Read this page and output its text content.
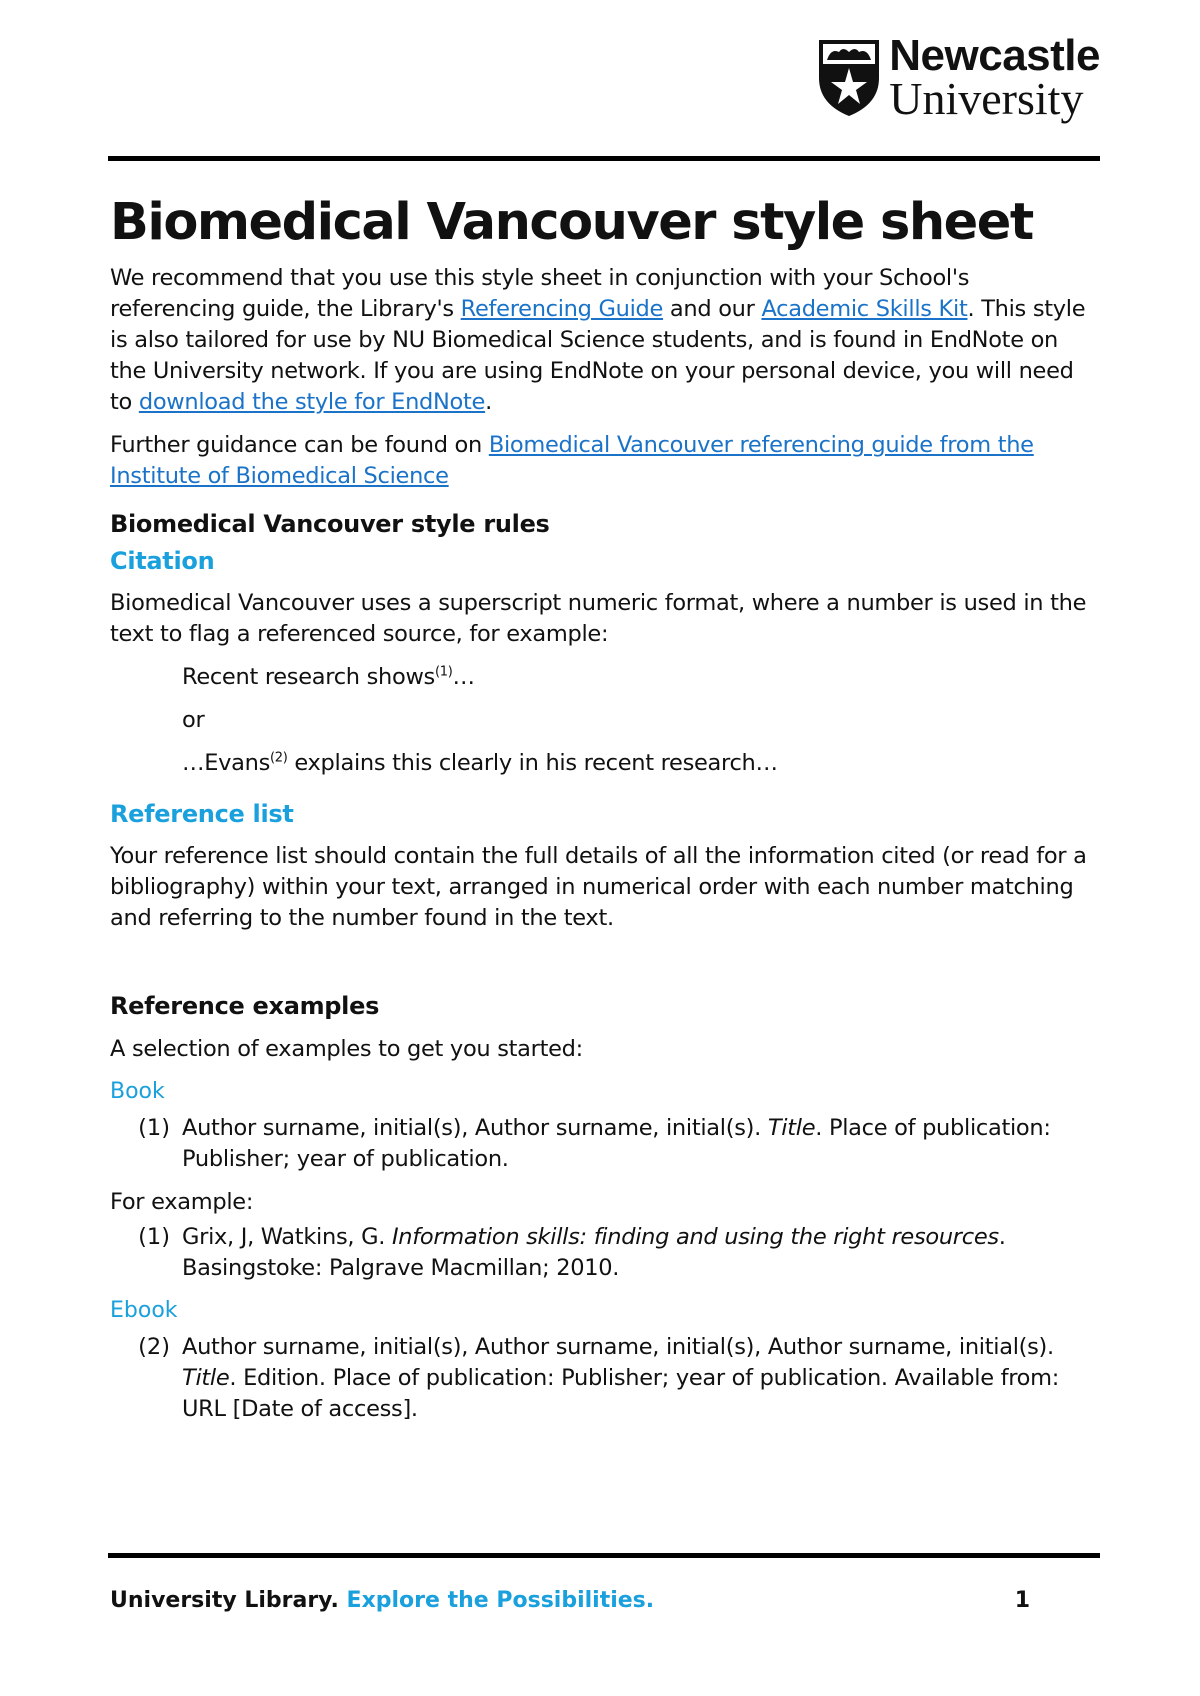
Newcastle
University
Biomedical Vancouver style sheet

We recommend that you use this style sheet in conjunction with your School's referencing guide, the Library's Referencing Guide and our Academic Skills Kit. This style is also tailored for use by NU Biomedical Science students, and is found in EndNote on the University network. If you are using EndNote on your personal device, you will need to download the style for EndNote.

Further guidance can be found on Biomedical Vancouver referencing guide from the Institute of Biomedical Science

Biomedical Vancouver style rules
Citation

Biomedical Vancouver uses a superscript numeric format, where a number is used in the text to flag a referenced source, for example:

Recent research shows$^{(1)}$…

or

…Evans$^{(2)}$ explains this clearly in his recent research…

Reference list

Your reference list should contain the full details of all the information cited (or read for a bibliography) within your text, arranged in numerical order with each number matching and referring to the number found in the text.

Reference examples

A selection of examples to get you started:

Book
(1) Author surname, initial(s), Author surname, initial(s). Title. Place of publication: Publisher; year of publication.

For example:

(1) Grix, J, Watkins, G. Information skills: finding and using the right resources. Basingstoke: Palgrave Macmillan; 2010.
Ebook
(2) Author surname, initial(s), Author surname, initial(s), Author surname, initial(s). Title. Edition. Place of publication: Publisher; year of publication. Available from: URL [Date of access].
University Library. Explore the Possibilities.	1
